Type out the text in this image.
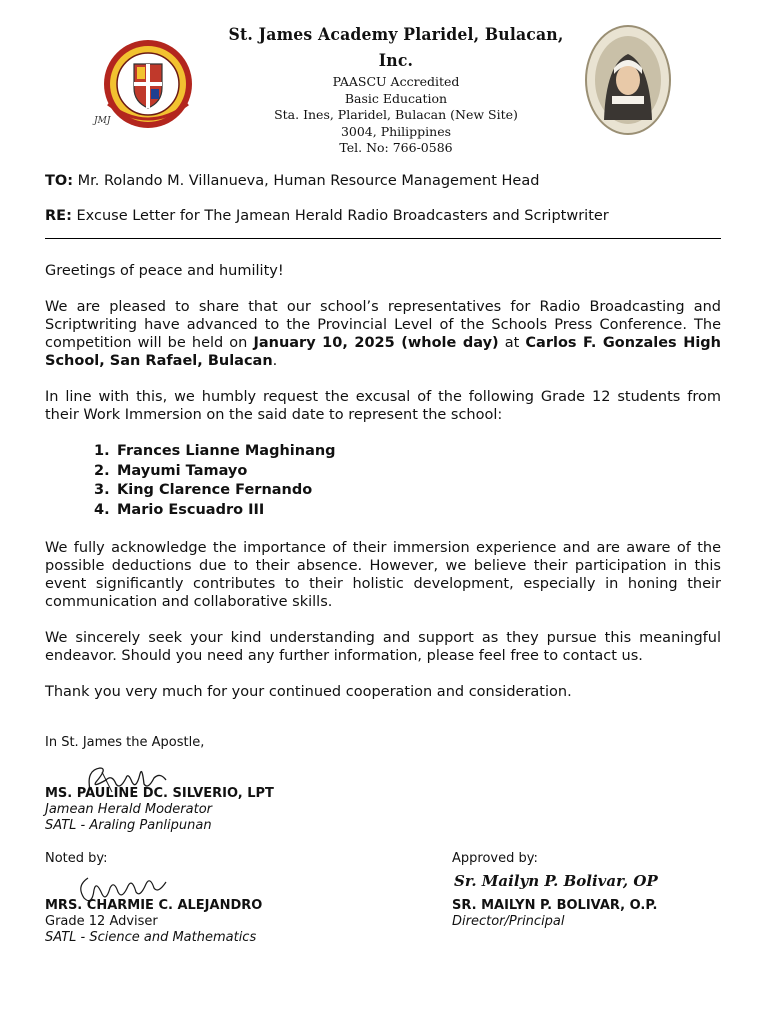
JMJ
St. James Academy Plaridel, Bulacan, Inc.
PAASCU Accredited
Basic Education
Sta. Ines, Plaridel, Bulacan (New Site)
3004, Philippines
Tel. No: 766-0586
TO: Mr. Rolando M. Villanueva, Human Resource Management Head
RE: Excuse Letter for The Jamean Herald Radio Broadcasters and Scriptwriter

Greetings of peace and humility!

We are pleased to share that our school’s representatives for Radio Broadcasting and Scriptwriting have advanced to the Provincial Level of the Schools Press Conference. The competition will be held on January 10, 2025 (whole day) at Carlos F. Gonzales High School, San Rafael, Bulacan.

In line with this, we humbly request the excusal of the following Grade 12 students from their Work Immersion on the said date to represent the school:

1. Frances Lianne Maghinang
2. Mayumi Tamayo
3. King Clarence Fernando
4. Mario Escuadro III

We fully acknowledge the importance of their immersion experience and are aware of the possible deductions due to their absence. However, we believe their participation in this event significantly contributes to their holistic development, especially in honing their communication and collaborative skills.

We sincerely seek your kind understanding and support as they pursue this meaningful endeavor. Should you need any further information, please feel free to contact us.

Thank you very much for your continued cooperation and consideration.

In St. James the Apostle,
MS. PAULINE DC. SILVERIO, LPT
Jamean Herald Moderator
SATL - Araling Panlipunan
Noted by:	Approved by:
MRS. CHARMIE C. ALEJANDRO
Grade 12 Adviser
SATL - Science and Mathematics
Sr. Mailyn P. Bolivar, OP
SR. MAILYN P. BOLIVAR, O.P.
Director/Principal
